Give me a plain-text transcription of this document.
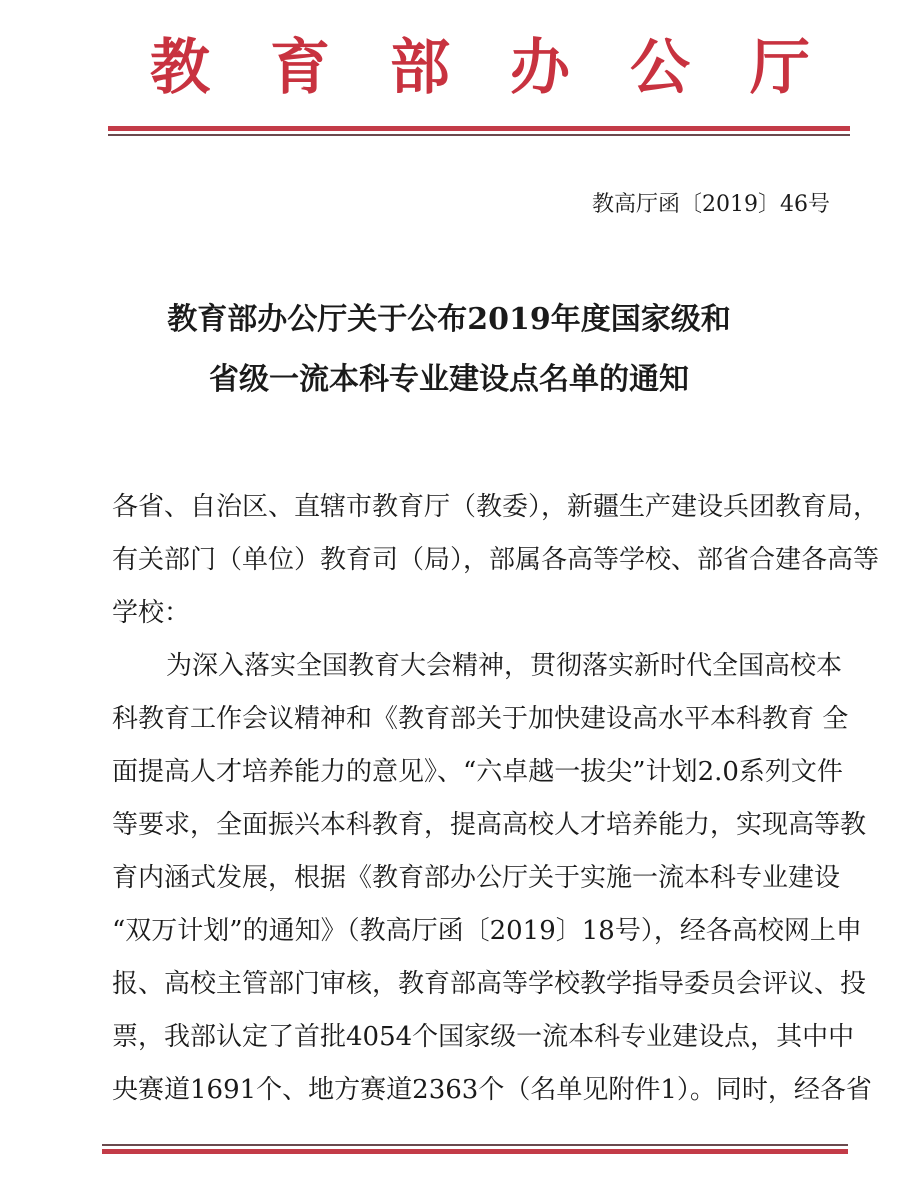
教 育 部 办 公 厅
教高厅函〔2019〕46号
教育部办公厅关于公布2019年度国家级和
省级一流本科专业建设点名单的通知
各省、自治区、直辖市教育厅（教委），新疆生产建设兵团教育局，
有关部门（单位）教育司（局），部属各高等学校、部省合建各高等
学校：
为深入落实全国教育大会精神，贯彻落实新时代全国高校本
科教育工作会议精神和《教育部关于加快建设高水平本科教育 全
面提高人才培养能力的意见》、“六卓越一拔尖”计划2.0系列文件
等要求，全面振兴本科教育，提高高校人才培养能力，实现高等教
育内涵式发展，根据《教育部办公厅关于实施一流本科专业建设
“双万计划”的通知》（教高厅函〔2019〕18号），经各高校网上申
报、高校主管部门审核，教育部高等学校教学指导委员会评议、投
票，我部认定了首批4054个国家级一流本科专业建设点，其中中
央赛道1691个、地方赛道2363个（名单见附件1）。同时，经各省
